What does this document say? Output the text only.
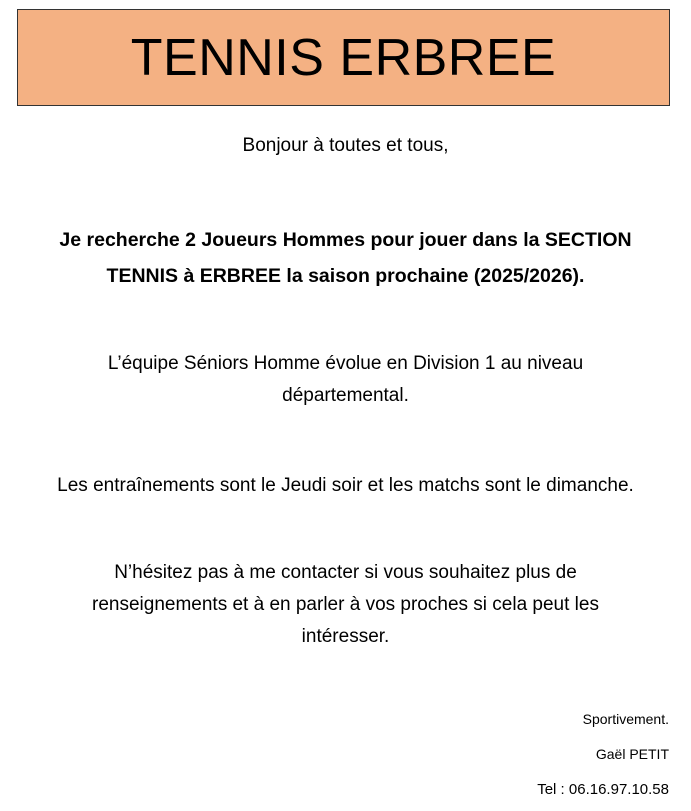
TENNIS ERBREE
Bonjour à toutes et tous,
Je recherche 2 Joueurs Hommes pour jouer dans la SECTION
TENNIS à ERBREE la saison prochaine (2025/2026).
L’équipe Séniors Homme évolue en Division 1 au niveau
départemental.
Les entraînements sont le Jeudi soir et les matchs sont le dimanche.
N’hésitez pas à me contacter si vous souhaitez plus de
renseignements et à en parler à vos proches si cela peut les
intéresser.
Sportivement.
Gaël PETIT
Tel : 06.16.97.10.58
